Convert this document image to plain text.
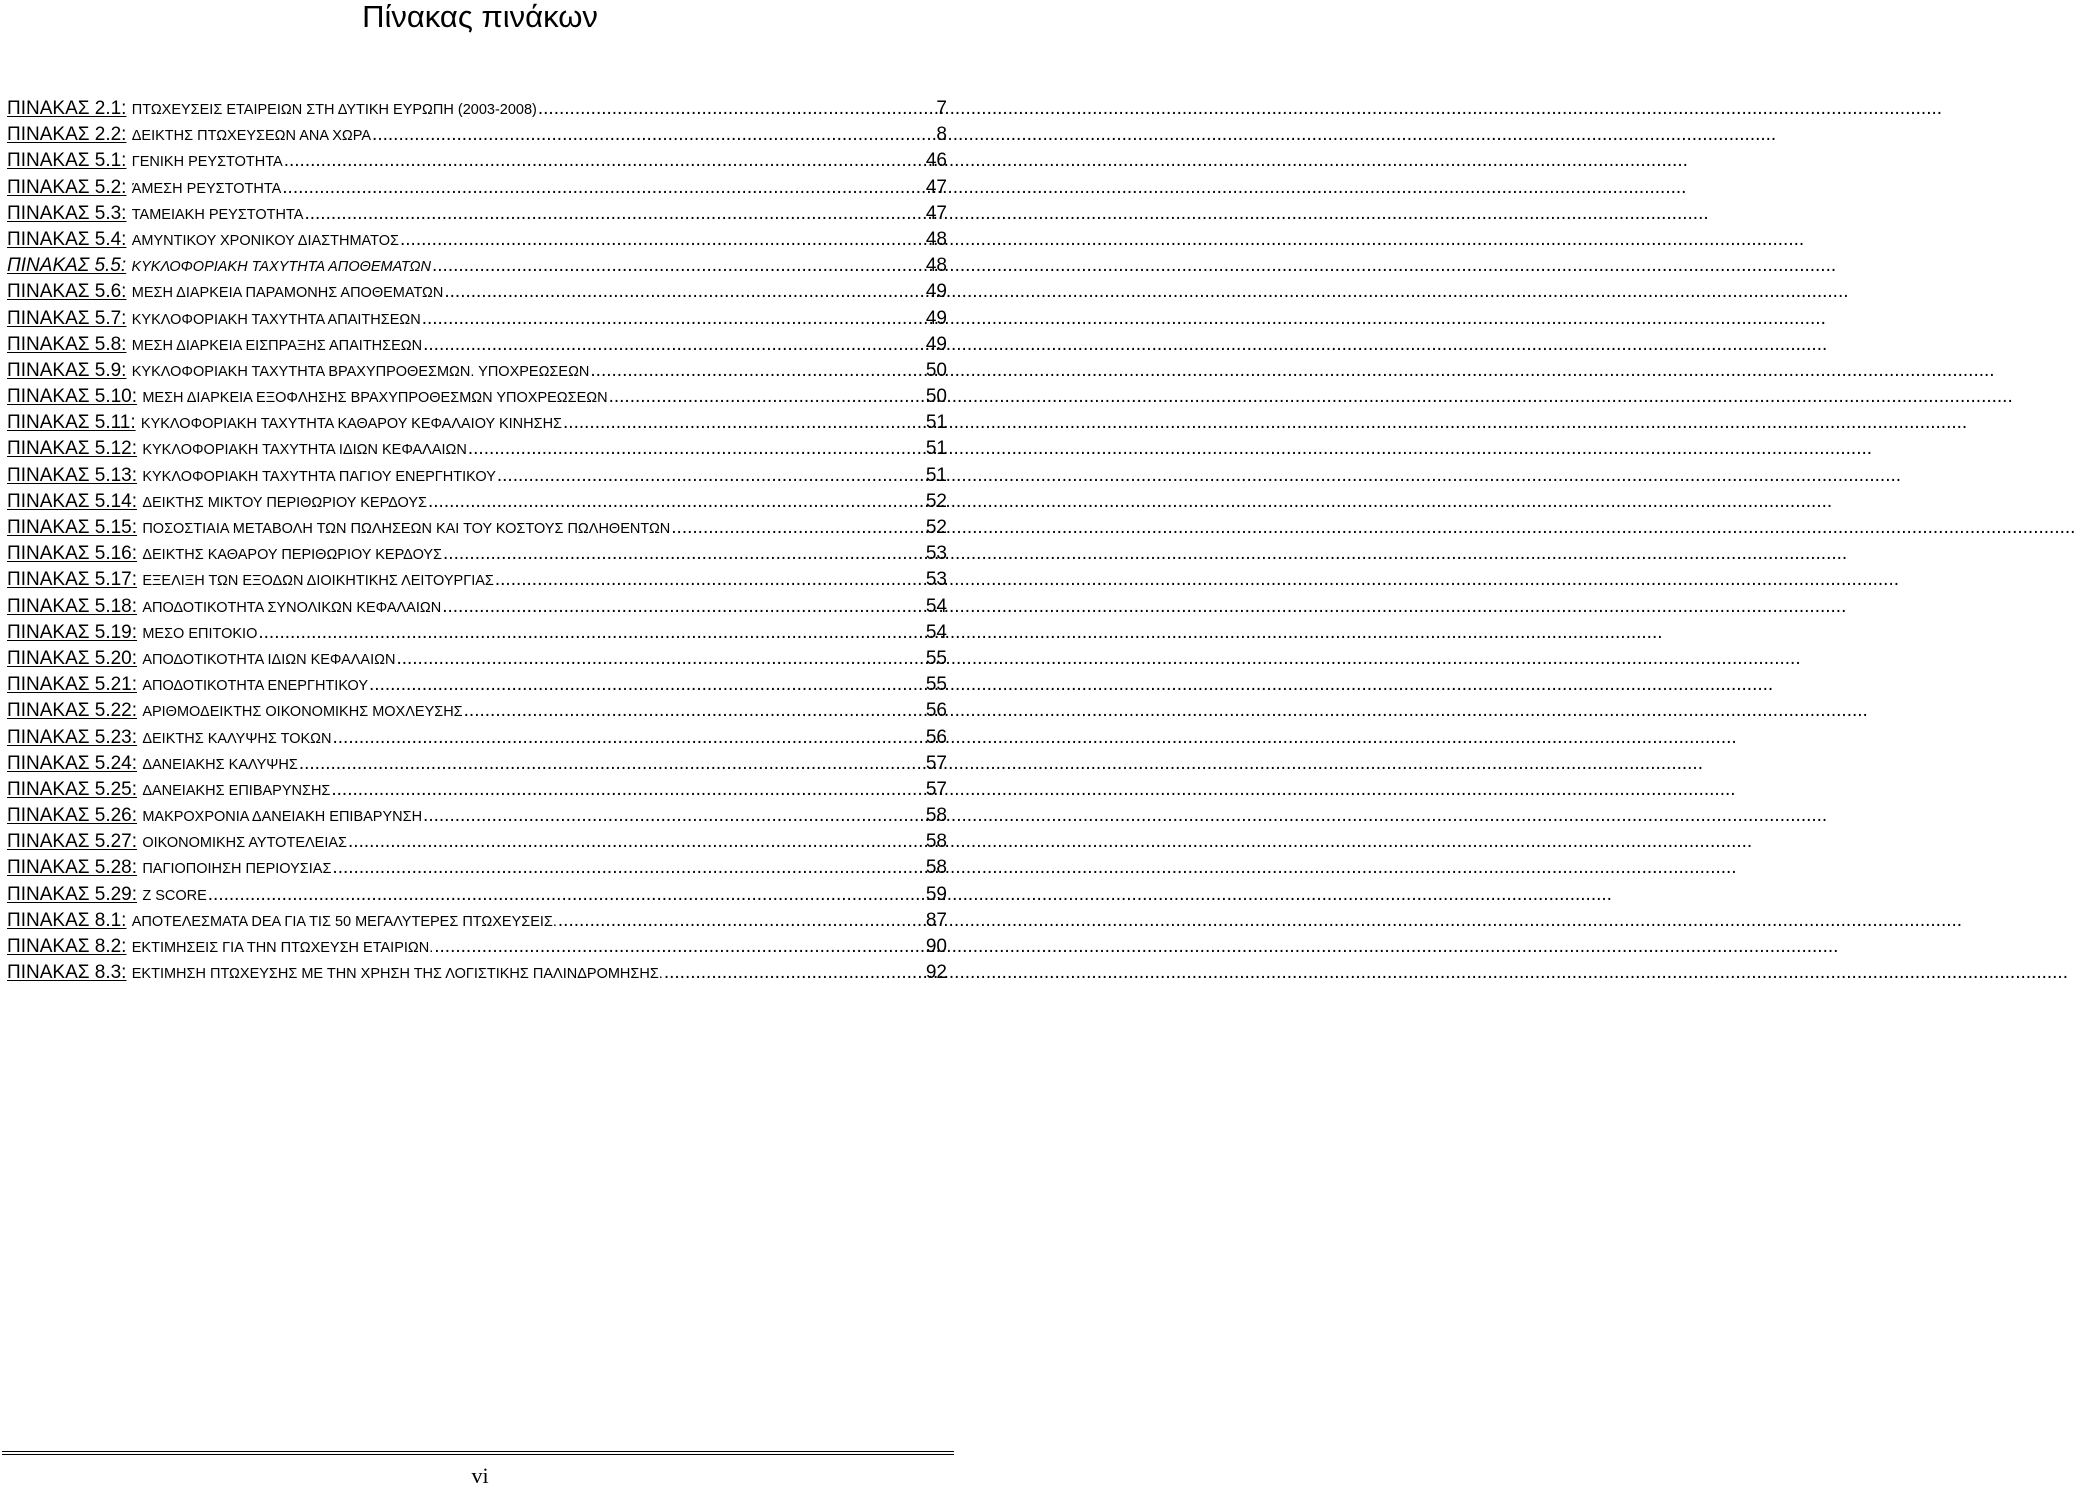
Πίνακας πινάκων
ΠΙΝΑΚΑΣ 2.1: ΠΤΩΧΕΥΣΕΙΣ ΕΤΑΙΡΕΙΩΝ ΣΤΗ ΔΥΤΙΚΗ ΕΥΡΩΠΗ (2003-2008) .....	7
ΠΙΝΑΚΑΣ 2.2: ΔΕΙΚΤΗΣ ΠΤΩΧΕΥΣΕΩΝ ΑΝΑ ΧΩΡΑ .....	8
ΠΙΝΑΚΑΣ 5.1: ΓΕΝΙΚΗ ΡΕΥΣΤΟΤΗΤΑ .....	46
ΠΙΝΑΚΑΣ 5.2: ΆΜΕΣΗ ΡΕΥΣΤΟΤΗΤΑ .....	47
ΠΙΝΑΚΑΣ 5.3: ΤΑΜΕΙΑΚΗ ΡΕΥΣΤΟΤΗΤΑ .....	47
ΠΙΝΑΚΑΣ 5.4: ΑΜΥΝΤΙΚΟΥ ΧΡΟΝΙΚΟΥ ΔΙΑΣΤΗΜΑΤΟΣ .....	48
ΠΙΝΑΚΑΣ 5.5: ΚΥΚΛΟΦΟΡΙΑΚΗ ΤΑΧΥΤΗΤΑ ΑΠΟΘΕΜΑΤΩΝ .....	48
ΠΙΝΑΚΑΣ 5.6: ΜΕΣΗ ΔΙΑΡΚΕΙΑ ΠΑΡΑΜΟΝΗΣ ΑΠΟΘΕΜΑΤΩΝ .....	49
ΠΙΝΑΚΑΣ 5.7: ΚΥΚΛΟΦΟΡΙΑΚΗ ΤΑΧΥΤΗΤΑ ΑΠΑΙΤΗΣΕΩΝ .....	49
ΠΙΝΑΚΑΣ 5.8: ΜΕΣΗ ΔΙΑΡΚΕΙΑ ΕΙΣΠΡΑΞΗΣ ΑΠΑΙΤΗΣΕΩΝ .....	49
ΠΙΝΑΚΑΣ 5.9: ΚΥΚΛΟΦΟΡΙΑΚΗ ΤΑΧΥΤΗΤΑ ΒΡΑΧΥΠΡΟΘΕΣΜΩΝ. ΥΠΟΧΡΕΩΣΕΩΝ .....	50
ΠΙΝΑΚΑΣ 5.10: ΜΕΣΗ ΔΙΑΡΚΕΙΑ ΕΞΟΦΛΗΣΗΣ ΒΡΑΧΥΠΡΟΘΕΣΜΩΝ ΥΠΟΧΡΕΩΣΕΩΝ .....	50
ΠΙΝΑΚΑΣ 5.11: ΚΥΚΛΟΦΟΡΙΑΚΗ ΤΑΧΥΤΗΤΑ ΚΑΘΑΡΟΥ ΚΕΦΑΛΑΙΟΥ ΚΙΝΗΣΗΣ .....	51
ΠΙΝΑΚΑΣ 5.12: ΚΥΚΛΟΦΟΡΙΑΚΗ ΤΑΧΥΤΗΤΑ ΙΔΙΩΝ ΚΕΦΑΛΑΙΩΝ .....	51
ΠΙΝΑΚΑΣ 5.13: ΚΥΚΛΟΦΟΡΙΑΚΗ ΤΑΧΥΤΗΤΑ ΠΑΓΙΟΥ ΕΝΕΡΓΗΤΙΚΟΥ .....	51
ΠΙΝΑΚΑΣ 5.14: ΔΕΙΚΤΗΣ ΜΙΚΤΟΥ ΠΕΡΙΘΩΡΙΟΥ ΚΕΡΔΟΥΣ .....	52
ΠΙΝΑΚΑΣ 5.15: ΠΟΣΟΣΤΙΑΙΑ ΜΕΤΑΒΟΛΗ ΤΩΝ ΠΩΛΗΣΕΩΝ ΚΑΙ ΤΟΥ ΚΟΣΤΟΥΣ ΠΩΛΗΘΕΝΤΩΝ .....	52
ΠΙΝΑΚΑΣ 5.16: ΔΕΙΚΤΗΣ ΚΑΘΑΡΟΥ ΠΕΡΙΘΩΡΙΟΥ ΚΕΡΔΟΥΣ .....	53
ΠΙΝΑΚΑΣ 5.17: ΕΞΕΛΙΞΗ ΤΩΝ ΕΞΟΔΩΝ ΔΙΟΙΚΗΤΙΚΗΣ ΛΕΙΤΟΥΡΓΙΑΣ .....	53
ΠΙΝΑΚΑΣ 5.18: ΑΠΟΔΟΤΙΚΟΤΗΤΑ ΣΥΝΟΛΙΚΩΝ ΚΕΦΑΛΑΙΩΝ .....	54
ΠΙΝΑΚΑΣ 5.19: ΜΕΣΟ ΕΠΙΤΟΚΙΟ .....	54
ΠΙΝΑΚΑΣ 5.20: ΑΠΟΔΟΤΙΚΟΤΗΤΑ ΙΔΙΩΝ ΚΕΦΑΛΑΙΩΝ .....	55
ΠΙΝΑΚΑΣ 5.21: ΑΠΟΔΟΤΙΚΟΤΗΤΑ ΕΝΕΡΓΗΤΙΚΟΥ .....	55
ΠΙΝΑΚΑΣ 5.22: ΑΡΙΘΜΟΔΕΙΚΤΗΣ ΟΙΚΟΝΟΜΙΚΗΣ ΜΟΧΛΕΥΣΗΣ .....	56
ΠΙΝΑΚΑΣ 5.23: ΔΕΙΚΤΗΣ ΚΑΛΥΨΗΣ ΤΟΚΩΝ .....	56
ΠΙΝΑΚΑΣ 5.24: ΔΑΝΕΙΑΚΗΣ ΚΑΛΥΨΗΣ .....	57
ΠΙΝΑΚΑΣ 5.25: ΔΑΝΕΙΑΚΗΣ ΕΠΙΒΑΡΥΝΣΗΣ .....	57
ΠΙΝΑΚΑΣ 5.26: ΜΑΚΡΟΧΡΟΝΙΑ ΔΑΝΕΙΑΚΗ ΕΠΙΒΑΡΥΝΣΗ .....	58
ΠΙΝΑΚΑΣ 5.27: ΟΙΚΟΝΟΜΙΚΗΣ ΑΥΤΟΤΕΛΕΙΑΣ .....	58
ΠΙΝΑΚΑΣ 5.28: ΠΑΓΙΟΠΟΙΗΣΗ ΠΕΡΙΟΥΣΙΑΣ .....	58
ΠΙΝΑΚΑΣ 5.29: Z SCORE .....	59
ΠΙΝΑΚΑΣ 8.1: ΑΠΟΤΕΛΕΣΜΑΤΑ DEA ΓΙΑ ΤΙΣ 50 ΜΕΓΑΛΥΤΕΡΕΣ ΠΤΩΧΕΥΣΕΙΣ. .....	87
ΠΙΝΑΚΑΣ 8.2: ΕΚΤΙΜΗΣΕΙΣ ΓΙΑ ΤΗΝ ΠΤΩΧΕΥΣΗ ΕΤΑΙΡΙΩΝ. .....	90
ΠΙΝΑΚΑΣ 8.3: ΕΚΤΙΜΗΣΗ ΠΤΩΧΕΥΣΗΣ ΜΕ ΤΗΝ ΧΡΗΣΗ ΤΗΣ ΛΟΓΙΣΤΙΚΗΣ ΠΑΛΙΝΔΡΟΜΗΣΗΣ. .....	92
vi
